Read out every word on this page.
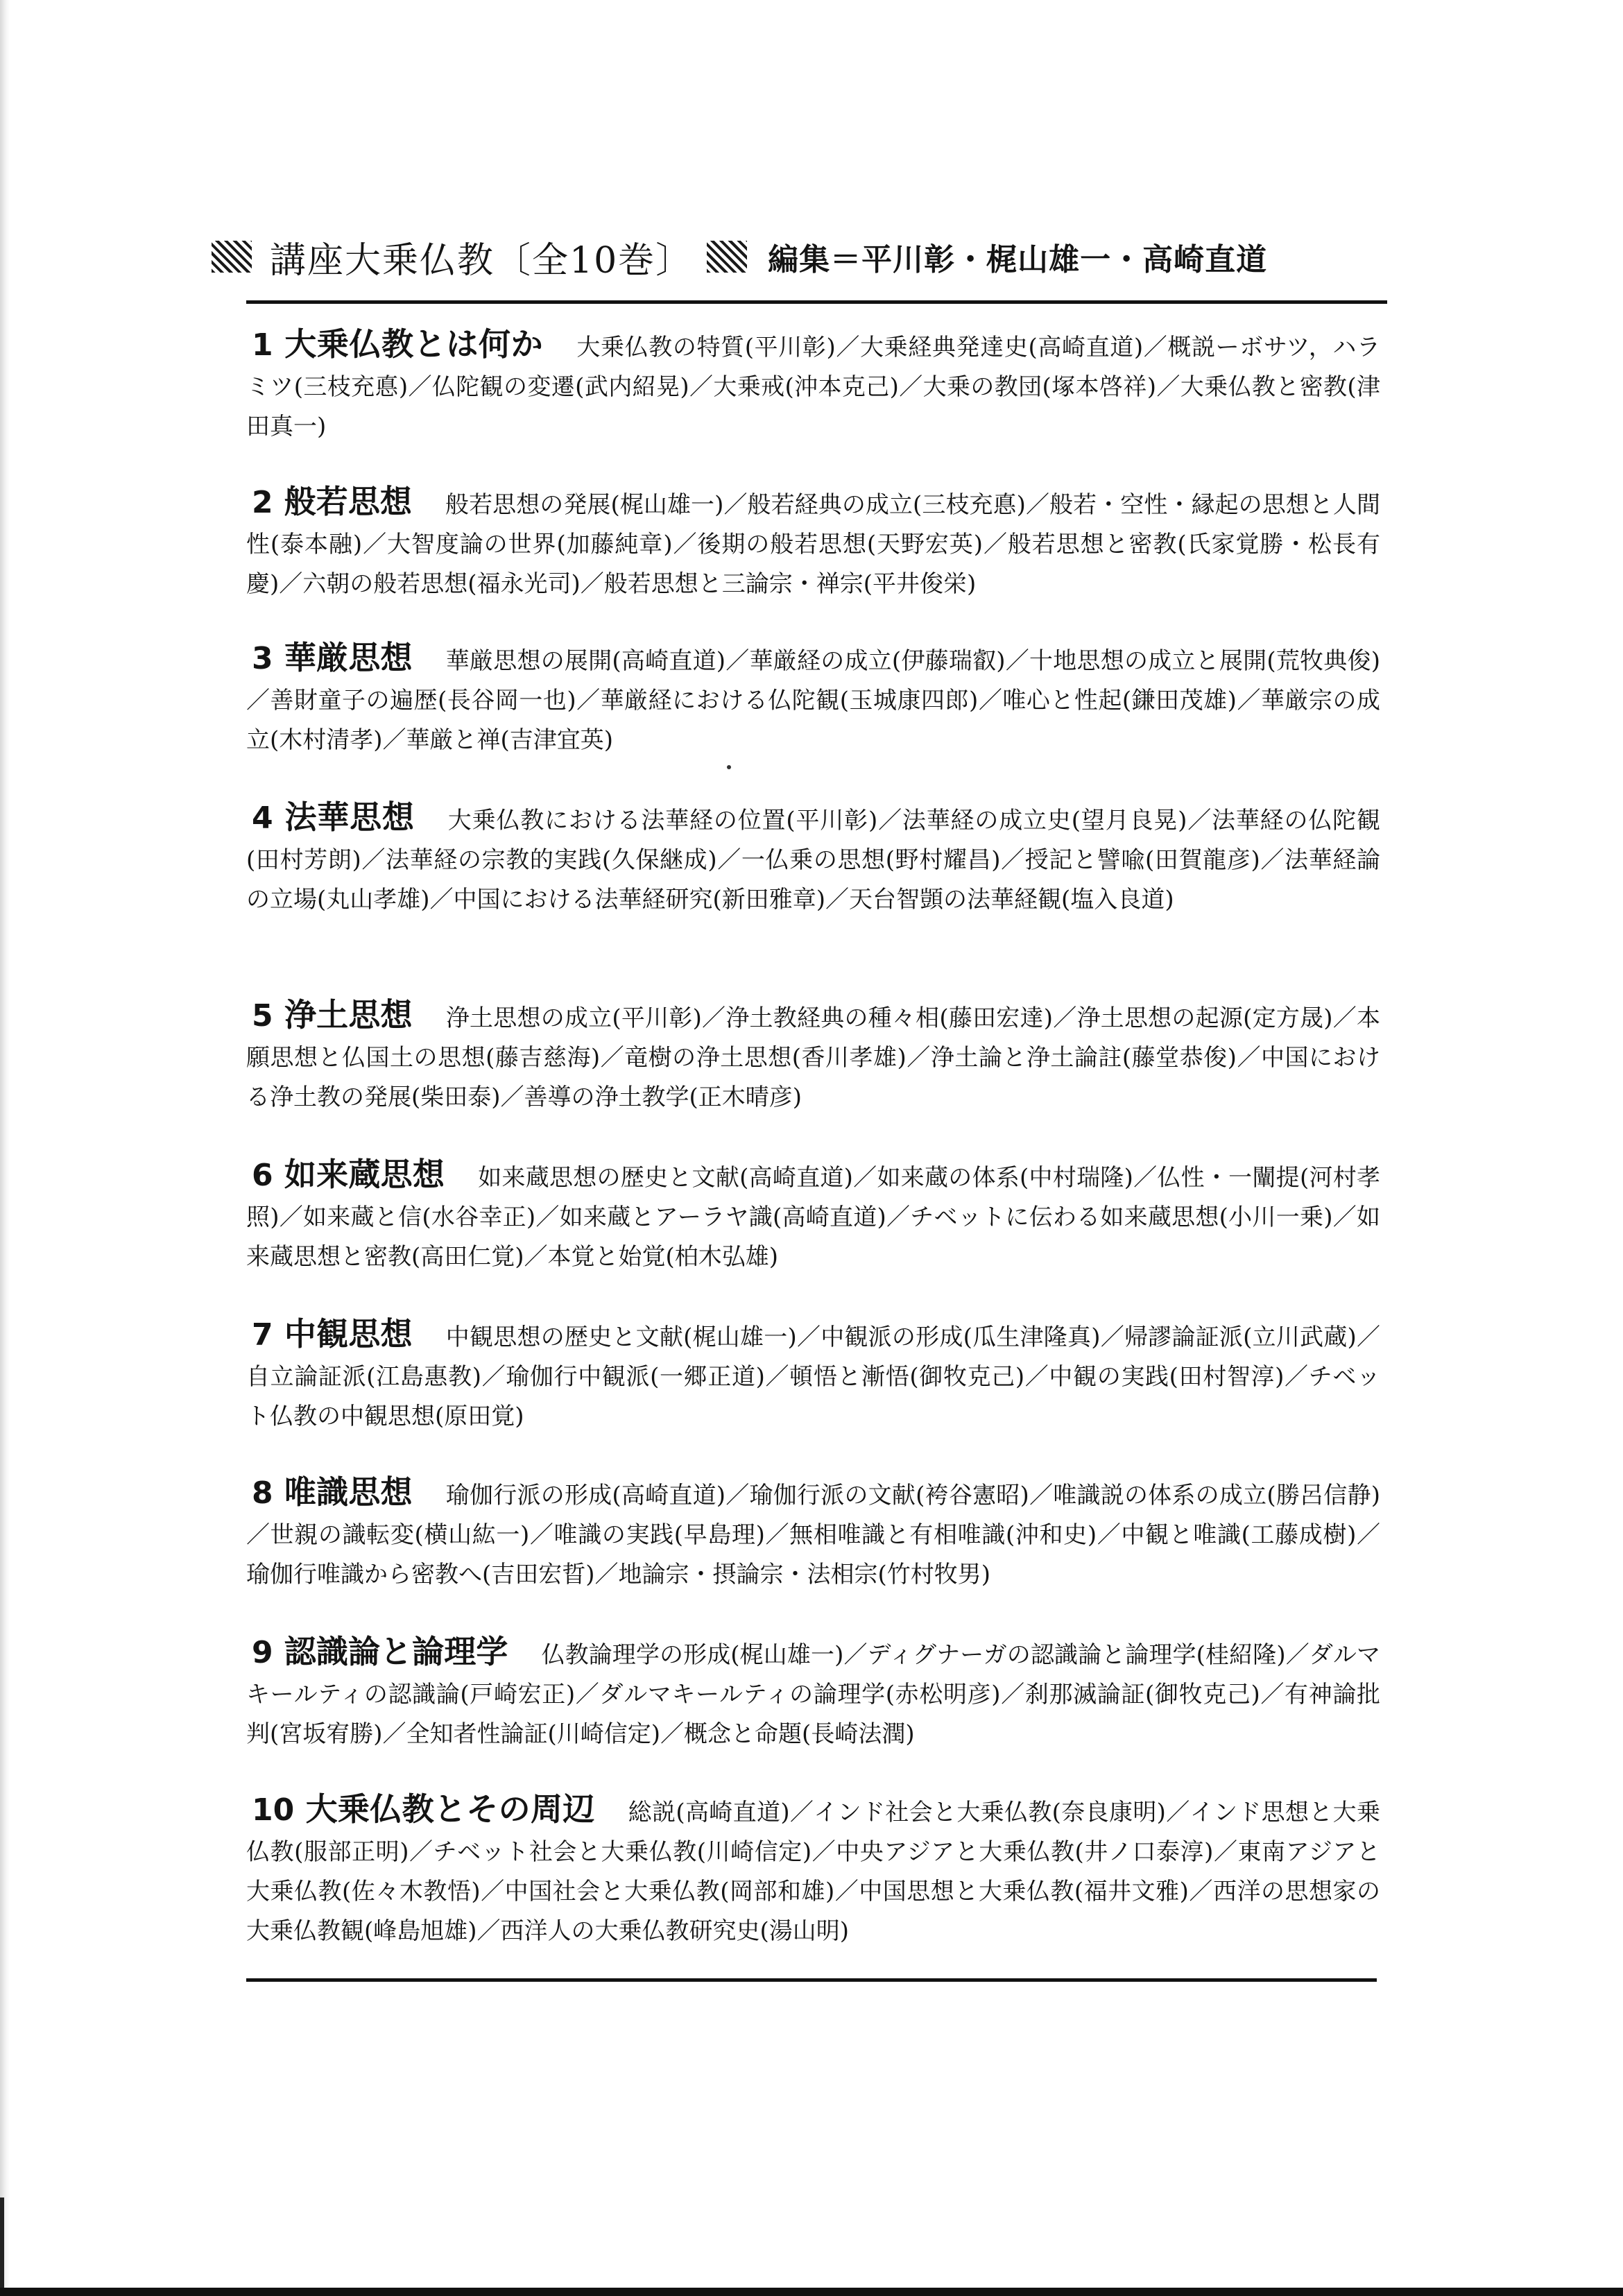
講座大乗仏教〔全10巻〕 編集＝平川彰・梶山雄一・高崎直道
1 大乗仏教とは何か 大乗仏教の特質(平川彰)／大乗経典発達史(高崎直道)／概説ーボサツ，ハラミツ(三枝充悳)／仏陀観の変遷(武内紹晃)／大乗戒(沖本克己)／大乗の教団(塚本啓祥)／大乗仏教と密教(津田真一)
2 般若思想 般若思想の発展(梶山雄一)／般若経典の成立(三枝充悳)／般若・空性・縁起の思想と人間性(泰本融)／大智度論の世界(加藤純章)／後期の般若思想(天野宏英)／般若思想と密教(氏家覚勝・松長有慶)／六朝の般若思想(福永光司)／般若思想と三論宗・禅宗(平井俊栄)
3 華厳思想 華厳思想の展開(高崎直道)／華厳経の成立(伊藤瑞叡)／十地思想の成立と展開(荒牧典俊)／善財童子の遍歴(長谷岡一也)／華厳経における仏陀観(玉城康四郎)／唯心と性起(鎌田茂雄)／華厳宗の成立(木村清孝)／華厳と禅(吉津宜英)
4 法華思想 大乗仏教における法華経の位置(平川彰)／法華経の成立史(望月良晃)／法華経の仏陀観(田村芳朗)／法華経の宗教的実践(久保継成)／一仏乗の思想(野村耀昌)／授記と譬喩(田賀龍彦)／法華経論の立場(丸山孝雄)／中国における法華経研究(新田雅章)／天台智顗の法華経観(塩入良道)
5 浄土思想 浄土思想の成立(平川彰)／浄土教経典の種々相(藤田宏達)／浄土思想の起源(定方晟)／本願思想と仏国土の思想(藤吉慈海)／竜樹の浄土思想(香川孝雄)／浄土論と浄土論註(藤堂恭俊)／中国における浄土教の発展(柴田泰)／善導の浄土教学(正木晴彦)
6 如来蔵思想 如来蔵思想の歴史と文献(高崎直道)／如来蔵の体系(中村瑞隆)／仏性・一闡提(河村孝照)／如来蔵と信(水谷幸正)／如来蔵とアーラヤ識(高崎直道)／チベットに伝わる如来蔵思想(小川一乗)／如来蔵思想と密教(高田仁覚)／本覚と始覚(柏木弘雄)
7 中観思想 中観思想の歴史と文献(梶山雄一)／中観派の形成(瓜生津隆真)／帰謬論証派(立川武蔵)／自立論証派(江島惠教)／瑜伽行中観派(一郷正道)／頓悟と漸悟(御牧克己)／中観の実践(田村智淳)／チベット仏教の中観思想(原田覚)
8 唯識思想 瑜伽行派の形成(高崎直道)／瑜伽行派の文献(袴谷憲昭)／唯識説の体系の成立(勝呂信静)／世親の識転変(横山紘一)／唯識の実践(早島理)／無相唯識と有相唯識(沖和史)／中観と唯識(工藤成樹)／瑜伽行唯識から密教へ(吉田宏晢)／地論宗・摂論宗・法相宗(竹村牧男)
9 認識論と論理学 仏教論理学の形成(梶山雄一)／ディグナーガの認識論と論理学(桂紹隆)／ダルマキールティの認識論(戸崎宏正)／ダルマキールティの論理学(赤松明彦)／刹那滅論証(御牧克己)／有神論批判(宮坂宥勝)／全知者性論証(川崎信定)／概念と命題(長崎法潤)
10 大乗仏教とその周辺 総説(高崎直道)／インド社会と大乗仏教(奈良康明)／インド思想と大乗仏教(服部正明)／チベット社会と大乗仏教(川崎信定)／中央アジアと大乗仏教(井ノ口泰淳)／東南アジアと大乗仏教(佐々木教悟)／中国社会と大乗仏教(岡部和雄)／中国思想と大乗仏教(福井文雅)／西洋の思想家の大乗仏教観(峰島旭雄)／西洋人の大乗仏教研究史(湯山明)
